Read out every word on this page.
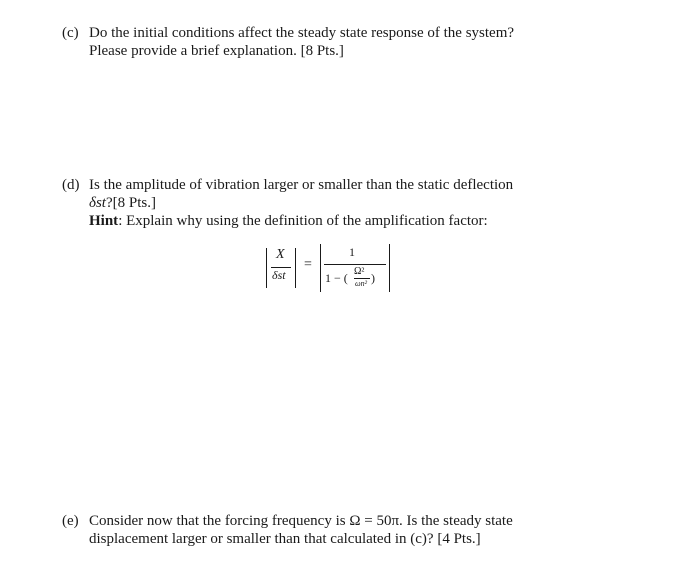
(c) Do the initial conditions affect the steady state response of the system?
Please provide a brief explanation. [8 Pts.]
(d) Is the amplitude of vibration larger or smaller than the static deflection
δst?[8 Pts.]
Hint: Explain why using the definition of the amplification factor:
X
δst
=
1
1 − ( Ω²
ωn² )
(e) Consider now that the forcing frequency is Ω = 50π. Is the steady state
displacement larger or smaller than that calculated in (c)? [4 Pts.]
